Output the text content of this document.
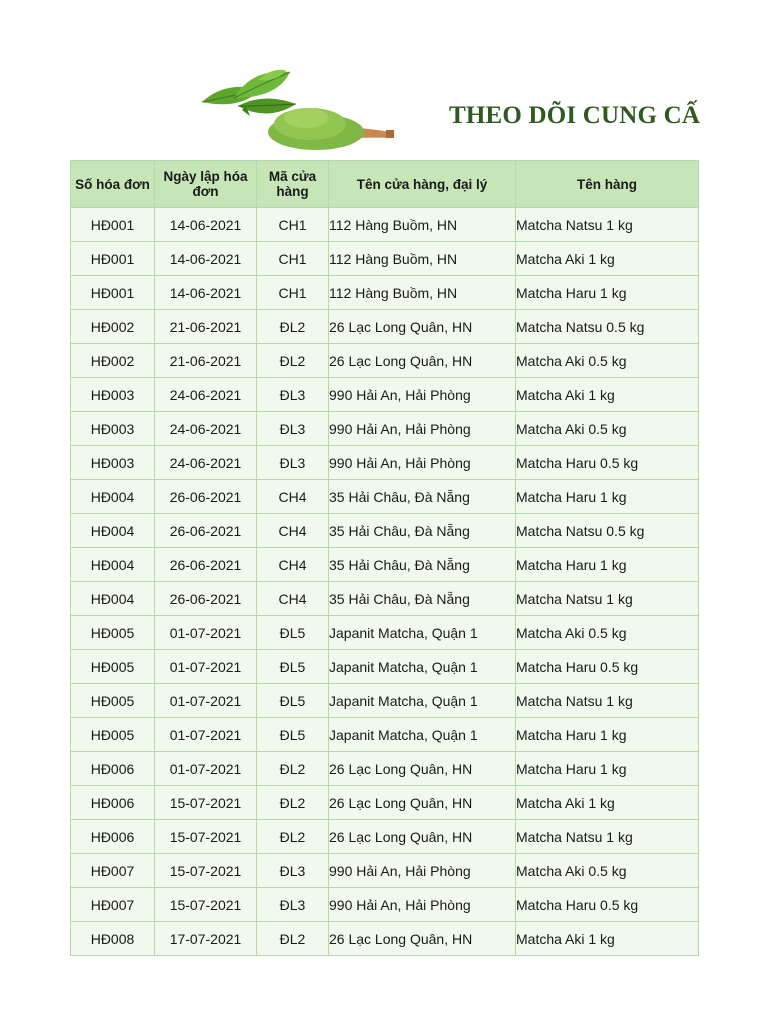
THEO DÕI CUNG CẤ
Số hóa đơn	Ngày lập hóa đơn	Mã cửa hàng	Tên cửa hàng, đại lý	Tên hàng
HĐ001	14-06-2021	CH1	112 Hàng Buồm, HN	Matcha Natsu 1 kg
HĐ001	14-06-2021	CH1	112 Hàng Buồm, HN	Matcha Aki 1 kg
HĐ001	14-06-2021	CH1	112 Hàng Buồm, HN	Matcha Haru 1 kg
HĐ002	21-06-2021	ĐL2	26 Lạc Long Quân, HN	Matcha Natsu 0.5 kg
HĐ002	21-06-2021	ĐL2	26 Lạc Long Quân, HN	Matcha Aki 0.5 kg
HĐ003	24-06-2021	ĐL3	990 Hải An, Hải Phòng	Matcha Aki 1 kg
HĐ003	24-06-2021	ĐL3	990 Hải An, Hải Phòng	Matcha Aki 0.5 kg
HĐ003	24-06-2021	ĐL3	990 Hải An, Hải Phòng	Matcha Haru 0.5 kg
HĐ004	26-06-2021	CH4	35 Hải Châu, Đà Nẵng	Matcha Haru 1 kg
HĐ004	26-06-2021	CH4	35 Hải Châu, Đà Nẵng	Matcha Natsu 0.5 kg
HĐ004	26-06-2021	CH4	35 Hải Châu, Đà Nẵng	Matcha Haru 1 kg
HĐ004	26-06-2021	CH4	35 Hải Châu, Đà Nẵng	Matcha Natsu 1 kg
HĐ005	01-07-2021	ĐL5	Japanit Matcha, Quận 1	Matcha Aki 0.5 kg
HĐ005	01-07-2021	ĐL5	Japanit Matcha, Quận 1	Matcha Haru 0.5 kg
HĐ005	01-07-2021	ĐL5	Japanit Matcha, Quận 1	Matcha Natsu 1 kg
HĐ005	01-07-2021	ĐL5	Japanit Matcha, Quận 1	Matcha Haru 1 kg
HĐ006	01-07-2021	ĐL2	26 Lạc Long Quân, HN	Matcha Haru 1 kg
HĐ006	15-07-2021	ĐL2	26 Lạc Long Quân, HN	Matcha Aki 1 kg
HĐ006	15-07-2021	ĐL2	26 Lạc Long Quân, HN	Matcha Natsu 1 kg
HĐ007	15-07-2021	ĐL3	990 Hải An, Hải Phòng	Matcha Aki 0.5 kg
HĐ007	15-07-2021	ĐL3	990 Hải An, Hải Phòng	Matcha Haru 0.5 kg
HĐ008	17-07-2021	ĐL2	26 Lạc Long Quân, HN	Matcha Aki 1 kg
